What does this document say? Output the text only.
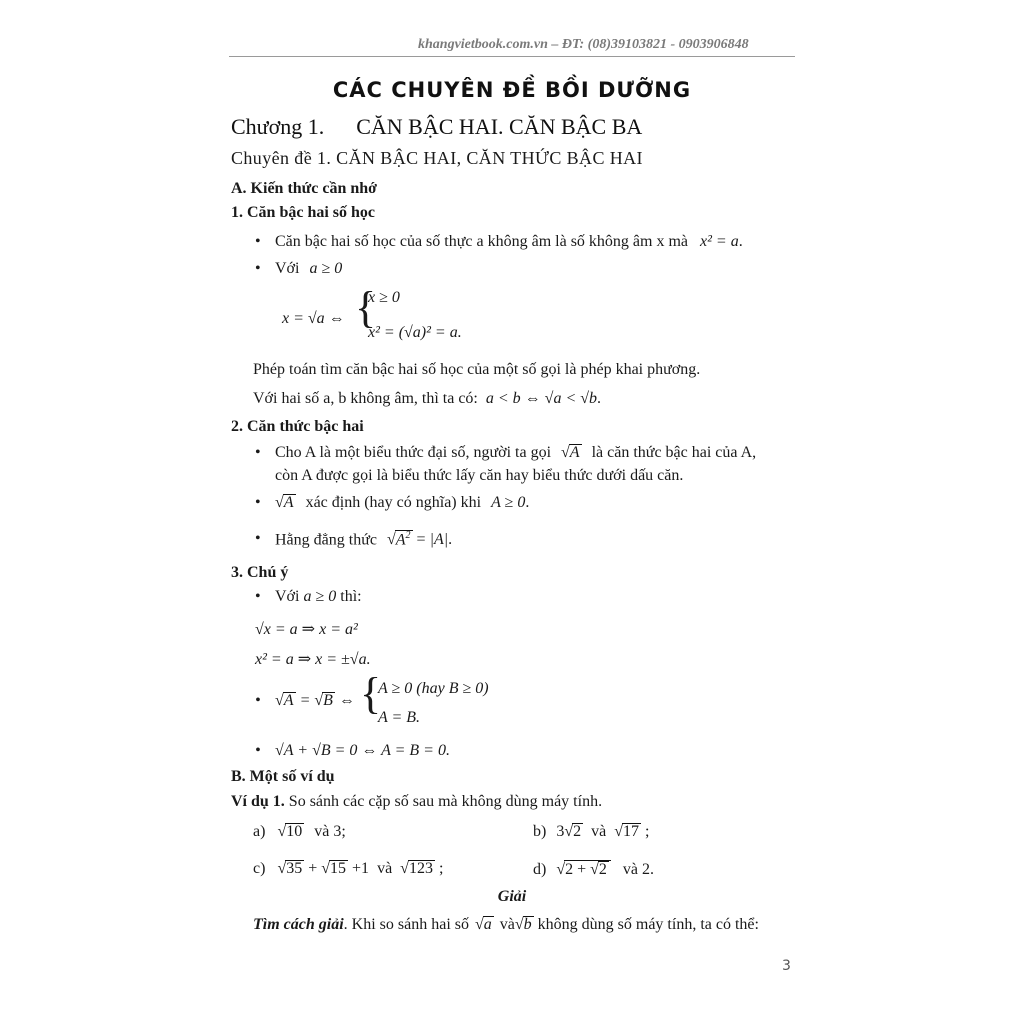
khangvietbook.com.vn – ĐT: (08)39103821 - 0903906848
CÁC CHUYÊN ĐỀ BỒI DƯỠNG
Chương 1. CĂN BẬC HAI. CĂN BẬC BA
Chuyên đề 1. CĂN BẬC HAI, CĂN THỨC BẬC HAI
A. Kiến thức cần nhớ
1. Căn bậc hai số học
• Căn bậc hai số học của số thực a không âm là số không âm x mà x² = a.
• Với a ≥ 0
x = √a ⇔ {
x ≥ 0
x² = (√a)² = a.
Phép toán tìm căn bậc hai số học của một số gọi là phép khai phương.
Với hai số a, b không âm, thì ta có: a < b ⇔ √a < √b.
2. Căn thức bậc hai
• Cho A là một biểu thức đại số, người ta gọi √A là căn thức bậc hai của A,
còn A được gọi là biểu thức lấy căn hay biểu thức dưới dấu căn.
• √A xác định (hay có nghĩa) khi A ≥ 0.
• Hằng đẳng thức $√A^2 = |A|$.
3. Chú ý
• Với a ≥ 0 thì:
√x = a ⇒ x = a²
x² = a ⇒ x = ±√a.
• √A = √B ⇔ {
A ≥ 0 (hay B ≥ 0)
A = B.
• √A + √B = 0 ⇔ A = B = 0.
B. Một số ví dụ
Ví dụ 1. So sánh các cặp số sau mà không dùng máy tính.
a) √10 và 3;	b) 3√2 và √17 ;
c) √35 + √15 +1 và √123 ;	d) √2 + √2 và 2.
Giải
Tìm cách giải. Khi so sánh hai số √a và√b không dùng số máy tính, ta có thể:
3
